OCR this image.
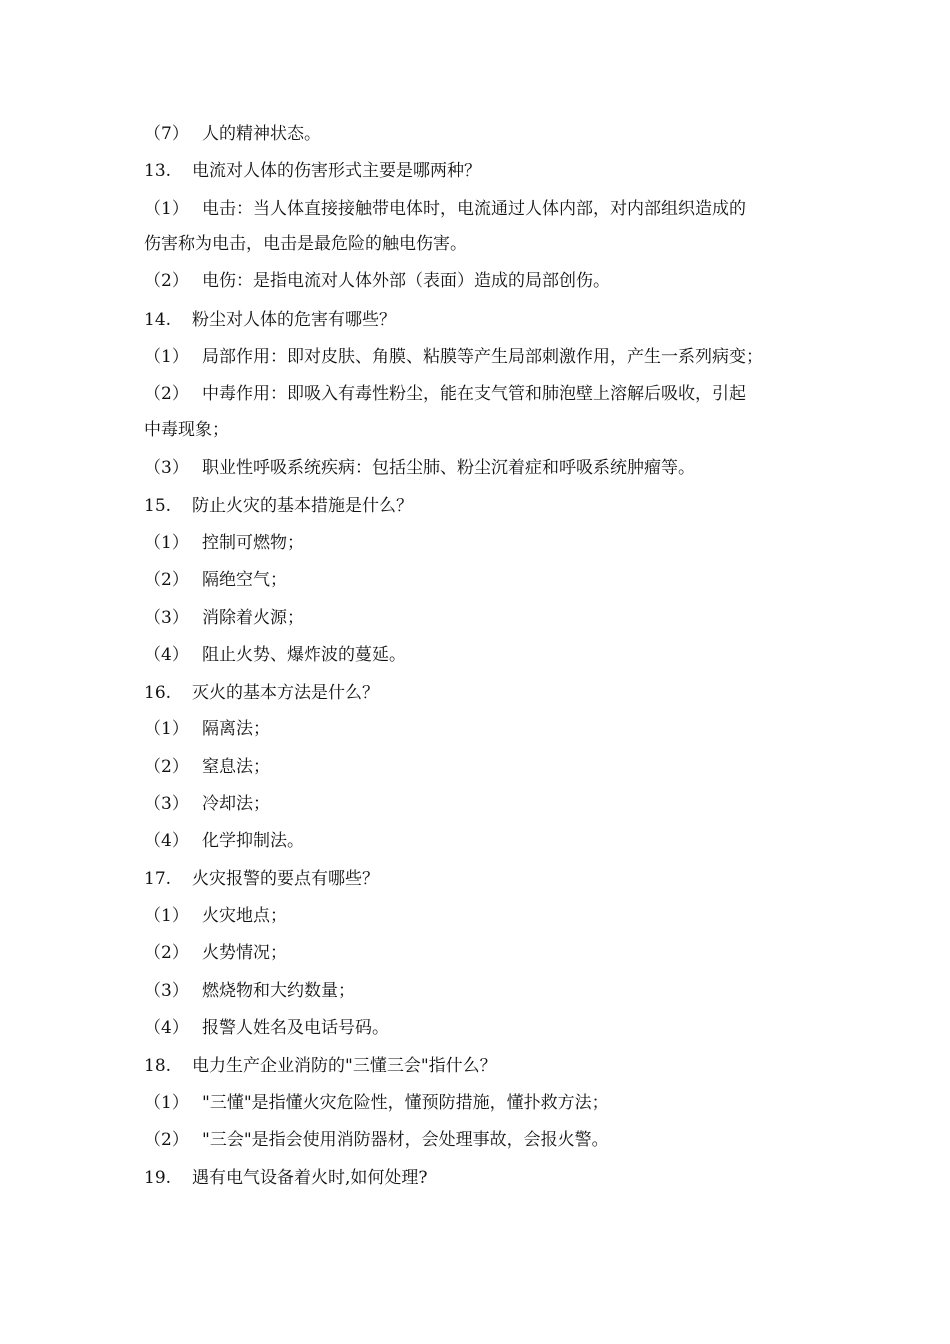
（7） 人的精神状态。
13. 电流对人体的伤害形式主要是哪两种？
（1） 电击：当人体直接接触带电体时，电流通过人体内部，对内部组织造成的
伤害称为电击，电击是最危险的触电伤害。
（2） 电伤：是指电流对人体外部（表面）造成的局部创伤。
14. 粉尘对人体的危害有哪些？
（1） 局部作用：即对皮肤、角膜、粘膜等产生局部刺激作用，产生一系列病变；
（2） 中毒作用：即吸入有毒性粉尘，能在支气管和肺泡壁上溶解后吸收，引起
中毒现象；
（3） 职业性呼吸系统疾病：包括尘肺、粉尘沉着症和呼吸系统肿瘤等。
15. 防止火灾的基本措施是什么？
（1） 控制可燃物；
（2） 隔绝空气；
（3） 消除着火源；
（4） 阻止火势、爆炸波的蔓延。
16. 灭火的基本方法是什么？
（1） 隔离法；
（2） 窒息法；
（3） 冷却法；
（4） 化学抑制法。
17. 火灾报警的要点有哪些？
（1） 火灾地点；
（2） 火势情况；
（3） 燃烧物和大约数量；
（4） 报警人姓名及电话号码。
18. 电力生产企业消防的"三懂三会"指什么？
（1） "三懂"是指懂火灾危险性，懂预防措施，懂扑救方法；
（2） "三会"是指会使用消防器材，会处理事故，会报火警。
19. 遇有电气设备着火时,如何处理?
